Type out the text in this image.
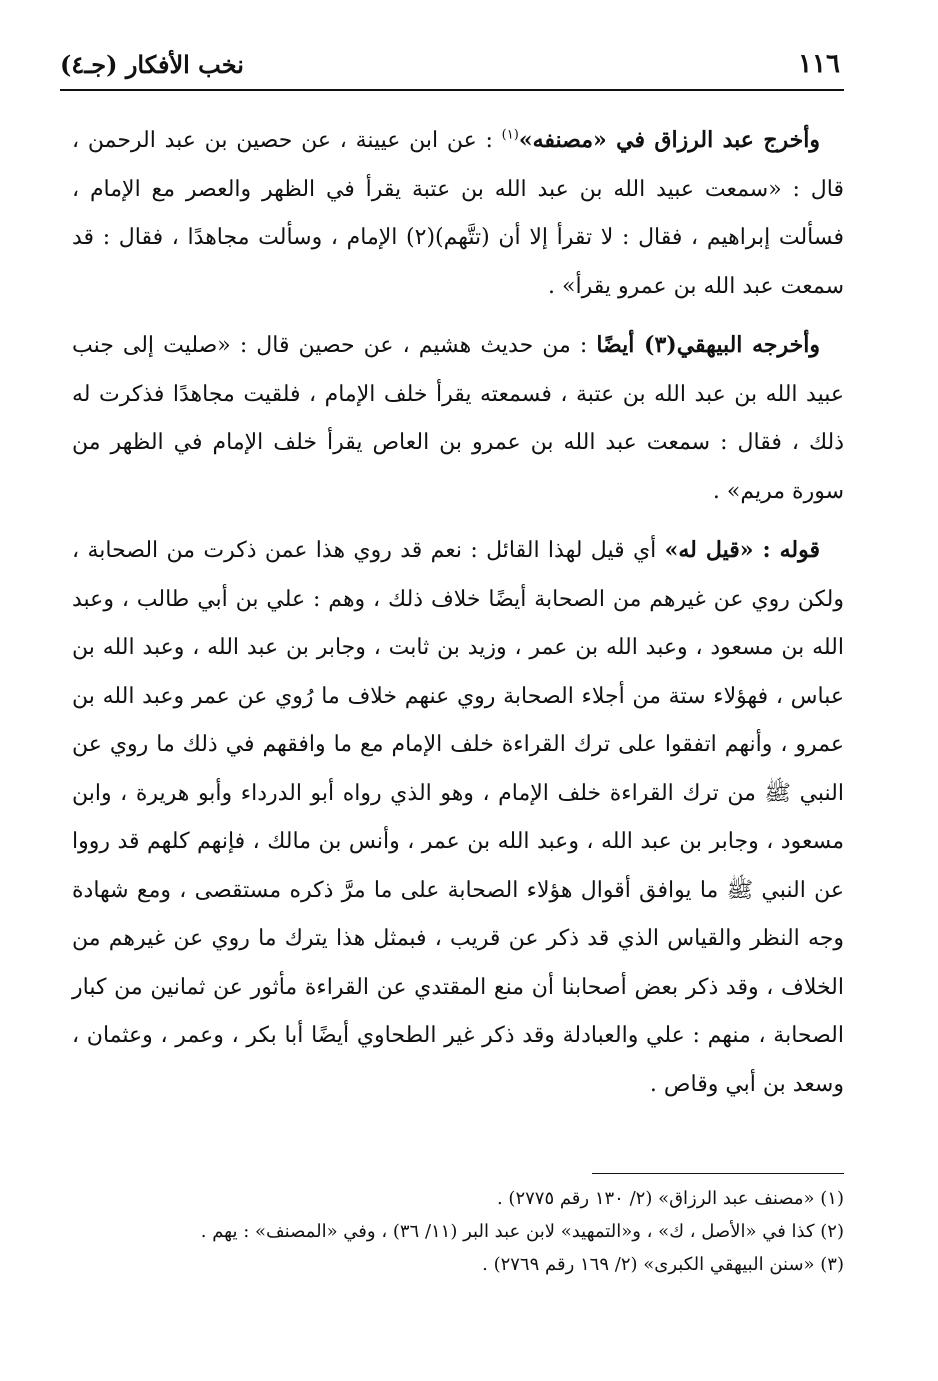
نخب الأفكار (جـ٤)	١١٦

وأخرج عبد الرزاق في «مصنفه»$^{(١)}$ : عن ابن عيينة ، عن حصين بن عبد الرحمن ، قال : «سمعت عبيد الله بن عبد الله بن عتبة يقرأ في الظهر والعصر مع الإمام ، فسألت إبراهيم ، فقال : لا تقرأ إلا أن (تتَّهم)(٢) الإمام ، وسألت مجاهدًا ، فقال : قد سمعت عبد الله بن عمرو يقرأ» .

وأخرجه البيهقي(٣) أيضًا : من حديث هشيم ، عن حصين قال : «صليت إلى جنب عبيد الله بن عبد الله بن عتبة ، فسمعته يقرأ خلف الإمام ، فلقيت مجاهدًا فذكرت له ذلك ، فقال : سمعت عبد الله بن عمرو بن العاص يقرأ خلف الإمام في الظهر من سورة مريم» .

قوله : «قيل له» أي قيل لهذا القائل : نعم قد روي هذا عمن ذكرت من الصحابة ، ولكن روي عن غيرهم من الصحابة أيضًا خلاف ذلك ، وهم : علي بن أبي طالب ، وعبد الله بن مسعود ، وعبد الله بن عمر ، وزيد بن ثابت ، وجابر بن عبد الله ، وعبد الله بن عباس ، فهؤلاء ستة من أجلاء الصحابة روي عنهم خلاف ما رُوي عن عمر وعبد الله بن عمرو ، وأنهم اتفقوا على ترك القراءة خلف الإمام مع ما وافقهم في ذلك ما روي عن النبي ﷺ من ترك القراءة خلف الإمام ، وهو الذي رواه أبو الدرداء وأبو هريرة ، وابن مسعود ، وجابر بن عبد الله ، وعبد الله بن عمر ، وأنس بن مالك ، فإنهم كلهم قد رووا عن النبي ﷺ ما يوافق أقوال هؤلاء الصحابة على ما مرَّ ذكره مستقصى ، ومع شهادة وجه النظر والقياس الذي قد ذكر عن قريب ، فبمثل هذا يترك ما روي عن غيرهم من الخلاف ، وقد ذكر بعض أصحابنا أن منع المقتدي عن القراءة مأثور عن ثمانين من كبار الصحابة ، منهم : علي والعبادلة وقد ذكر غير الطحاوي أيضًا أبا بكر ، وعمر ، وعثمان ، وسعد بن أبي وقاص .

(١) «مصنف عبد الرزاق» (٢/ ١٣٠ رقم ٢٧٧٥) .

(٢) كذا في «الأصل ، ك» ، و«التمهيد» لابن عبد البر (١١/ ٣٦) ، وفي «المصنف» : يهم .

(٣) «سنن البيهقي الكبرى» (٢/ ١٦٩ رقم ٢٧٦٩) .
